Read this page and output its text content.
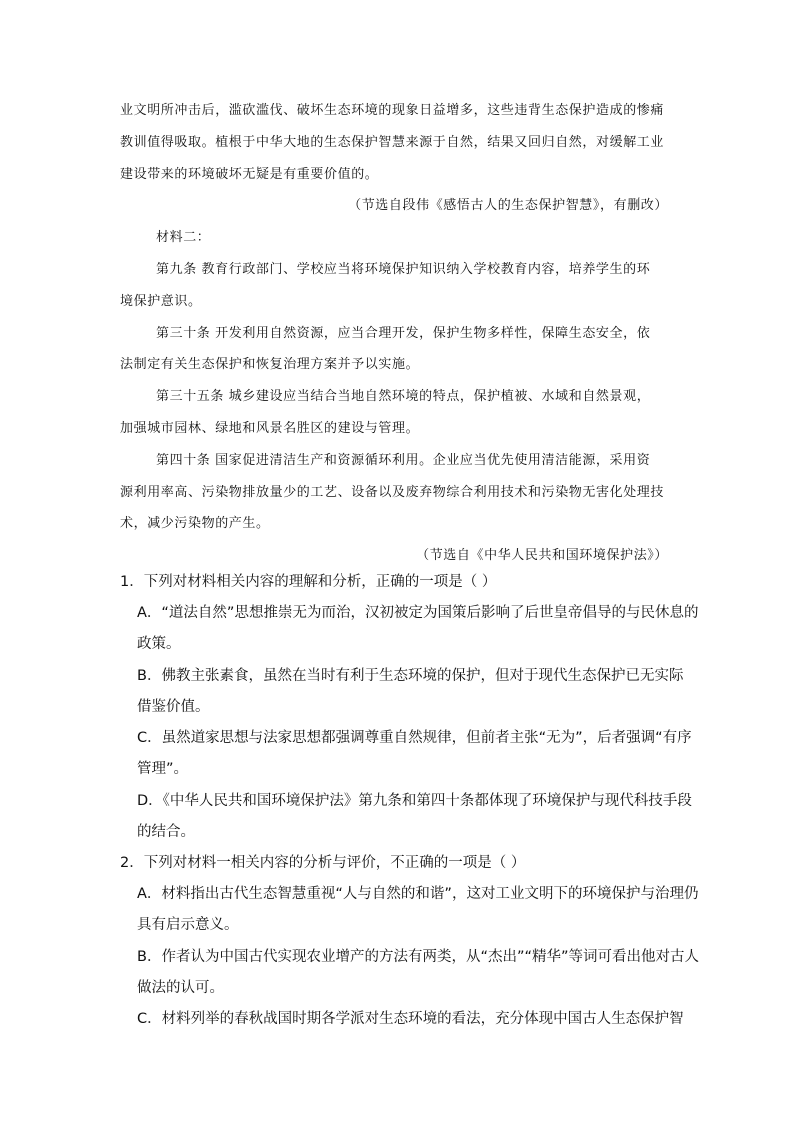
业文明所冲击后，滥砍滥伐、破坏生态环境的现象日益增多，这些违背生态保护造成的惨痛
教训值得吸取。植根于中华大地的生态保护智慧来源于自然，结果又回归自然，对缓解工业
建设带来的环境破坏无疑是有重要价值的。
（节选自段伟《感悟古人的生态保护智慧》，有删改）
材料二：
第九条 教育行政部门、学校应当将环境保护知识纳入学校教育内容，培养学生的环
境保护意识。
第三十条 开发利用自然资源，应当合理开发，保护生物多样性，保障生态安全，依
法制定有关生态保护和恢复治理方案并予以实施。
第三十五条 城乡建设应当结合当地自然环境的特点，保护植被、水域和自然景观，
加强城市园林、绿地和风景名胜区的建设与管理。
第四十条 国家促进清洁生产和资源循环利用。企业应当优先使用清洁能源，采用资
源利用率高、污染物排放量少的工艺、设备以及废弃物综合利用技术和污染物无害化处理技
术，减少污染物的产生。
（节选自《中华人民共和国环境保护法》）
1．下列对材料相关内容的理解和分析，正确的一项是（ ）
A．“道法自然”思想推崇无为而治，汉初被定为国策后影响了后世皇帝倡导的与民休息的
政策。
B．佛教主张素食，虽然在当时有利于生态环境的保护，但对于现代生态保护已无实际
借鉴价值。
C．虽然道家思想与法家思想都强调尊重自然规律，但前者主张“无为”，后者强调“有序
管理”。
D．《中华人民共和国环境保护法》第九条和第四十条都体现了环境保护与现代科技手段
的结合。
2．下列对材料一相关内容的分析与评价，不正确的一项是（ ）
A．材料指出古代生态智慧重视“人与自然的和谐”，这对工业文明下的环境保护与治理仍
具有启示意义。
B．作者认为中国古代实现农业增产的方法有两类，从“杰出”“精华”等词可看出他对古人
做法的认可。
C．材料列举的春秋战国时期各学派对生态环境的看法，充分体现中国古人生态保护智
